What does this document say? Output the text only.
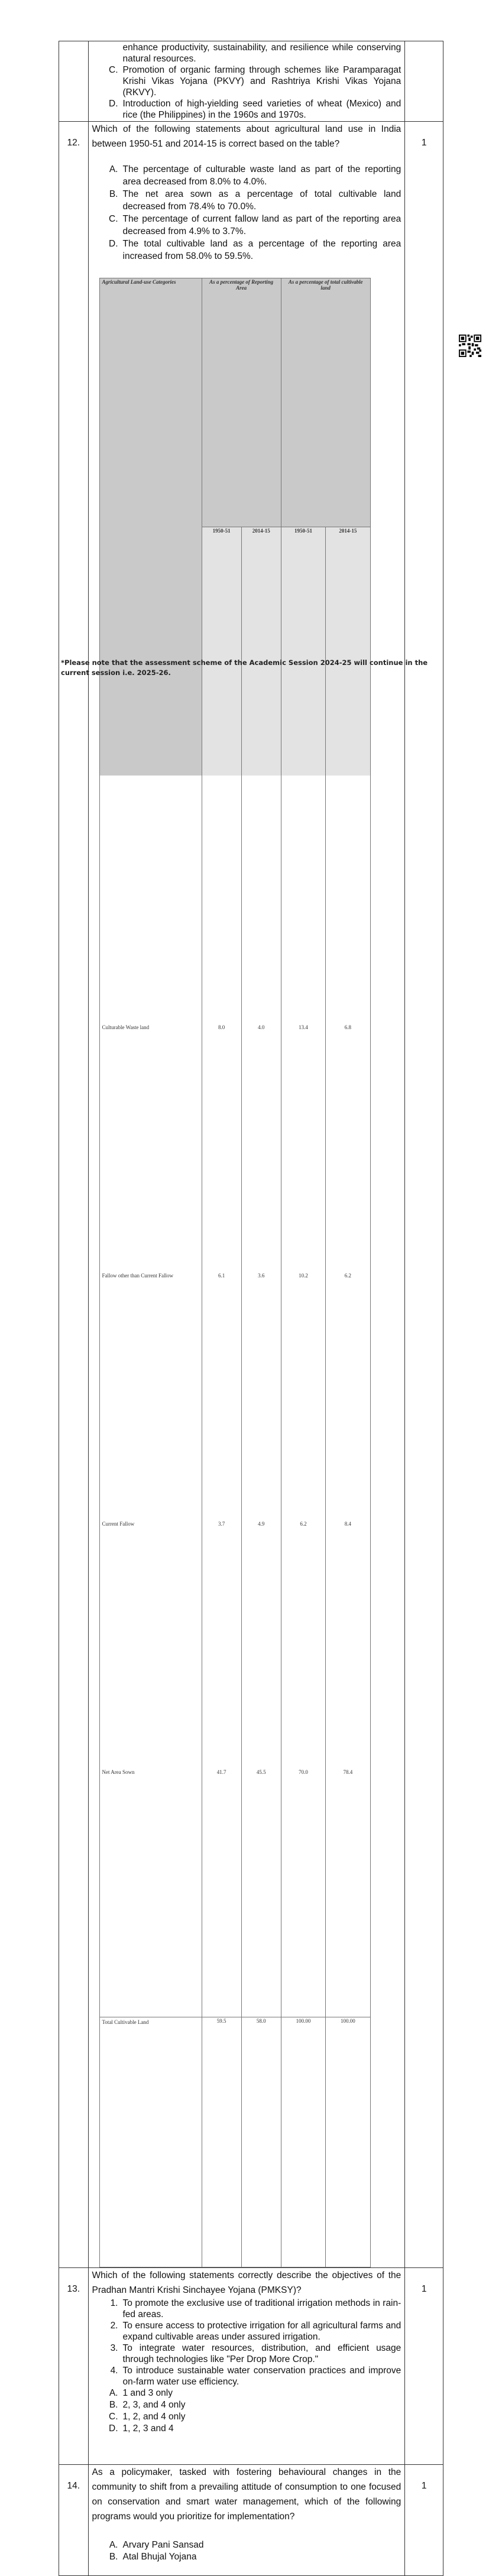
enhance productivity, sustainability, and resilience while conserving natural resources.
C. Promotion of organic farming through schemes like Paramparagat Krishi Vikas Yojana (PKVY) and Rashtriya Krishi Vikas Yojana (RKVY).
D. Introduction of high-yielding seed varieties of wheat (Mexico) and rice (the Philippines) in the 1960s and 1970s.

12.	

Which of the following statements about agricultural land use in India between 1950-51 and 2014-15 is correct based on the table?

A. The percentage of culturable waste land as part of the reporting area decreased from 8.0% to 4.0%.
B. The net area sown as a percentage of total cultivable land decreased from 78.4% to 70.0%.
C. The percentage of current fallow land as part of the reporting area decreased from 4.9% to 3.7%.
D. The total cultivable land as a percentage of the reporting area increased from 58.0% to 59.5%.
Agricultural Land-use Categories	As a percentage of Reporting Area	As a percentage of total cultivable land
1950-51	2014-15	1950-51	2014-15

Culturable Waste land	8.0	4.0	13.4	6.8
Fallow other than Current Fallow	6.1	3.6	10.2	6.2
Current Fallow	3.7	4.9	6.2	8.4
Net Area Sown	41.7	45.5	70.0	78.4
Total Cultivable Land	59.5	58.0	100.00	100.00
	1
13.	

Which of the following statements correctly describe the objectives of the Pradhan Mantri Krishi Sinchayee Yojana (PMKSY)?

1. To promote the exclusive use of traditional irrigation methods in rain-fed areas.
2. To ensure access to protective irrigation for all agricultural farms and expand cultivable areas under assured irrigation.
3. To integrate water resources, distribution, and efficient usage through technologies like "Per Drop More Crop."
4. To introduce sustainable water conservation practices and improve on-farm water use efficiency.
A. 1 and 3 only
B. 2, 3, and 4 only
C. 1, 2, and 4 only
D. 1, 2, 3 and 4
	1
14.	

As a policymaker, tasked with fostering behavioural changes in the community to shift from a prevailing attitude of consumption to one focused on conservation and smart water management, which of the following programs would you prioritize for implementation?

A. Arvary Pani Sansad
B. Atal Bhujal Yojana
	1
*Please note that the assessment scheme of the Academic Session 2024-25 will continue in the current session i.e. 2025-26.
